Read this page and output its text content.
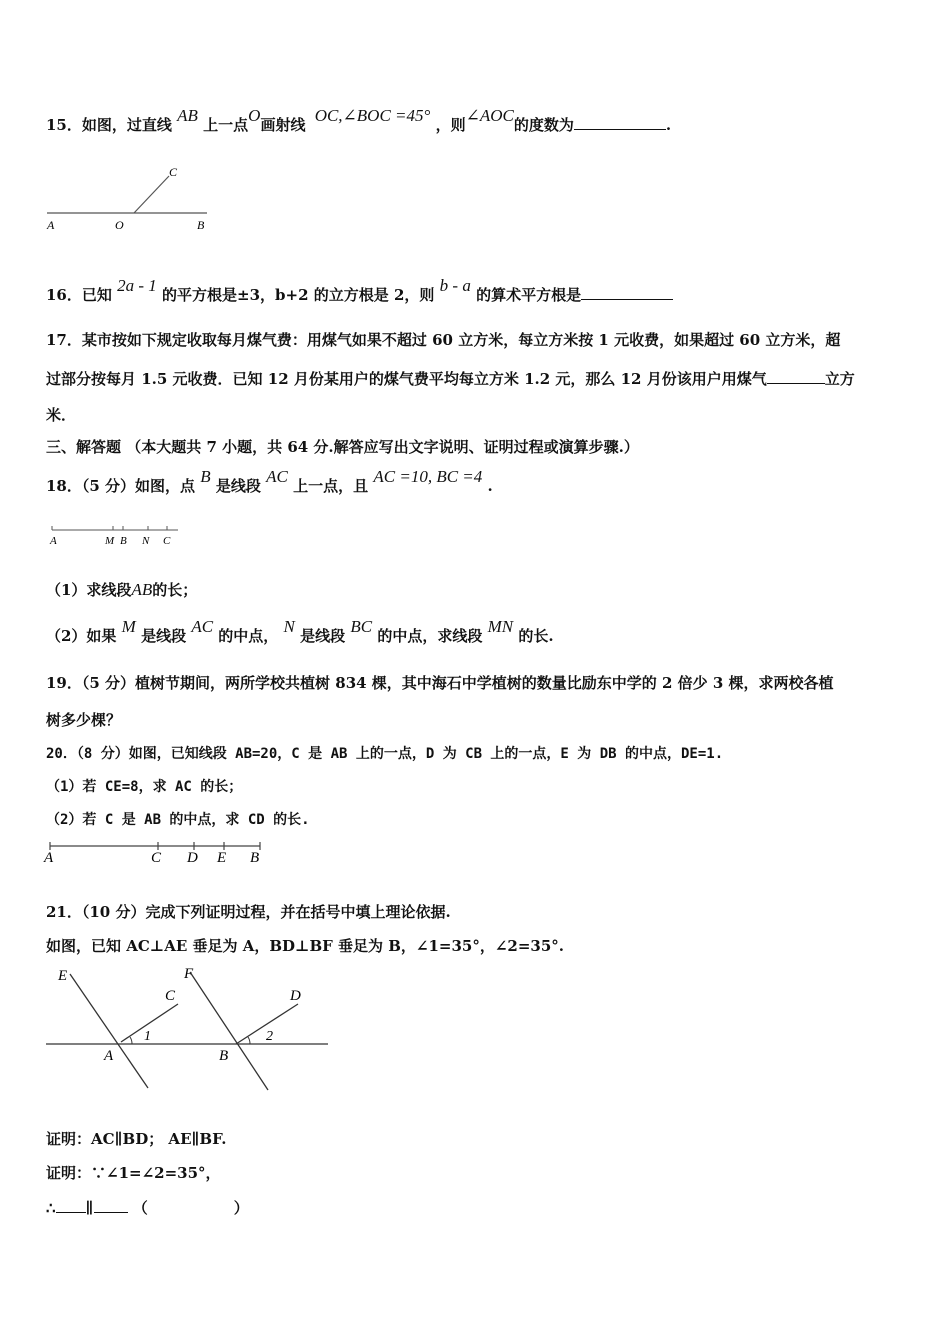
15．如图，过直线 AB 上一点O画射线 OC,∠BOC =45° ，则∠AOC的度数为	.
A	O	B
C
16．已知 2a - 1 的平方根是±3，b+2 的立方根是 2，则 b - a 的算术平方根是
17．某市按如下规定收取每月煤气费：用煤气如果不超过 60 立方米，每立方米按 1 元收费，如果超过 60 立方米，超
过部分按每月 1.5 元收费．已知 12 月份某用户的煤气费平均每立方米 1.2 元，那么 12 月份该用户用煤气	立方
米．
三、解答题 （本大题共 7 小题，共 64 分.解答应写出文字说明、证明过程或演算步骤.）
18．（5 分）如图，点 B 是线段 AC 上一点，且 AC =10, BC =4 .
A	M B N C
（1）求线段AB的长；
（2）如果 M 是线段 AC 的中点， N 是线段 BC 的中点，求线段 MN 的长.
19．（5 分）植树节期间，两所学校共植树 834 棵，其中海石中学植树的数量比励东中学的 2 倍少 3 棵，求两校各植
树多少棵？
20．（8 分）如图，已知线段 AB=20，C 是 AB 上的一点，D 为 CB 上的一点，E 为 DB 的中点，DE=1.
（1）若 CE=8，求 AC 的长；
（2）若 C 是 AB 的中点，求 CD 的长.
A	C D E B
21．（10 分）完成下列证明过程，并在括号中填上理论依据.
如图，已知 AC⊥AE 垂足为 A，BD⊥BF 垂足为 B，∠1=35°，∠2=35°.
E
C
A
1
F
D
B
2
证明：AC∥BD； AE∥BF.
证明：∵∠1=∠2=35°，
∴ ∥	（	）
